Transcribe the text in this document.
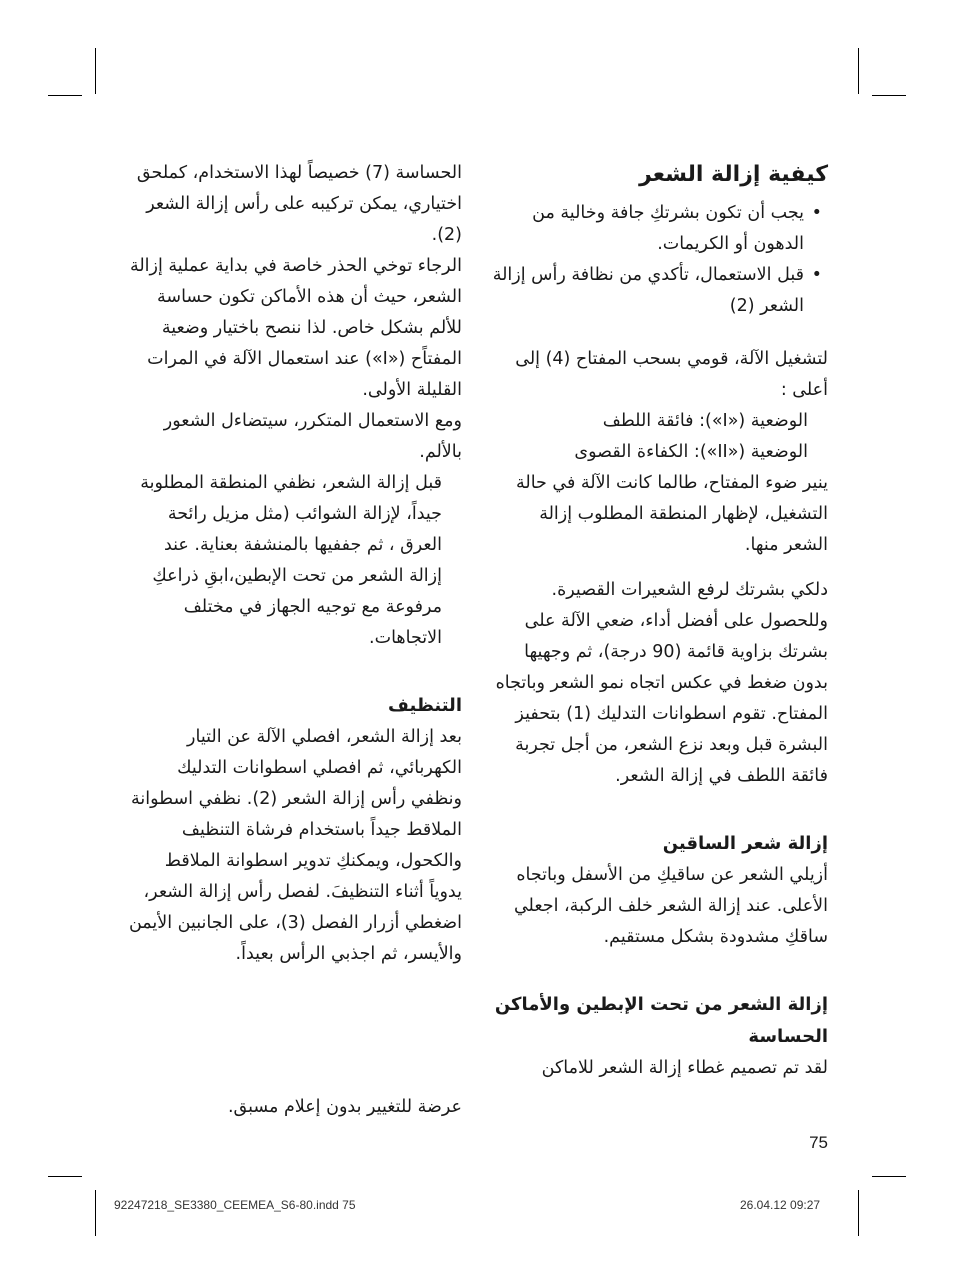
كيفية إزالة الشعر
• يجب أن تكون بشرتكِ جافة وخالية من الدهون أو الكريمات.
• قبل الاستعمال، تأكدي من نظافة رأس إزالة الشعر (2)

لتشغيل الآلة، قومي بسحب المفتاح (4) إلى أعلى :

الوضعية («I»): فائقة اللطف

الوضعية («II»): الكفاءة القصوى

ينير ضوء المفتاح، طالما كانت الآلة في حالة التشغيل، لإظهار المنطقة المطلوب إزالة الشعر منها.

دلكي بشرتك لرفع الشعيرات القصيرة. وللحصول على أفضل أداء، ضعي الآلة على بشرتك بزاوية قائمة (90 درجة)، ثم وجهيها بدون ضغط في عكس اتجاه نمو الشعر وباتجاه المفتاح. تقوم اسطوانات التدليك (1) بتحفيز البشرة قبل وبعد نزع الشعر، من أجل تجربة فائقة اللطف في إزالة الشعر.

إزالة شعر الساقين

أزيلي الشعر عن ساقيكِ من الأسفل وباتجاه الأعلى. عند إزالة الشعر خلف الركبة، اجعلي ساقكِ مشدودة بشكل مستقيم.

إزالة الشعر من تحت الإبطين والأماكن الحساسة

لقد تم تصميم غطاء إزالة الشعر للاماكن

الحساسة (7) خصيصاً لهذا الاستخدام، كملحق اختياري، يمكن تركيبه على رأس إزالة الشعر (2).

الرجاء توخي الحذر خاصة في بداية عملية إزالة الشعر، حيث أن هذه الأماكن تكون حساسة للألم بشكل خاص. لذا ننصح باختيار وضعية المفتاًح («I») عند استعمال الآلة في المرات القليلة الأولى.

ومع الاستعمال المتكرر، سيتضاءل الشعور بالألم.

قبل إزالة الشعر، نظفي المنطقة المطلوبة جيداً، لإزالة الشوائب (مثل مزيل رائحة العرق ، ثم جففيها بالمنشفة بعناية. عند إزالة الشعر من تحت الإبطين،ابقِ ذراعكِ مرفوعة مع توجيه الجهاز في مختلف الاتجاهات.

التنظيف

بعد إزالة الشعر، افصلي الآلة عن التيار الكهربائي، ثم افصلي اسطوانات التدليك ونظفي رأس إزالة الشعر (2). نظفي اسطوانة الملاقط جيداً باستخدام فرشاة التنظيف والكحول، ويمكنكِ تدوير اسطوانة الملاقط يدوياً أثناء التنظيفَ. لفصل رأس إزالة الشعر، اضغطي أزرار الفصل (3)، على الجانبين الأيمن والأيسر، ثم اجذبي الرأس بعيداً.

عرضة للتغيير بدون إعلام مسبق.
75
92247218_SE3380_CEEMEA_S6-80.indd 75	26.04.12 09:27
